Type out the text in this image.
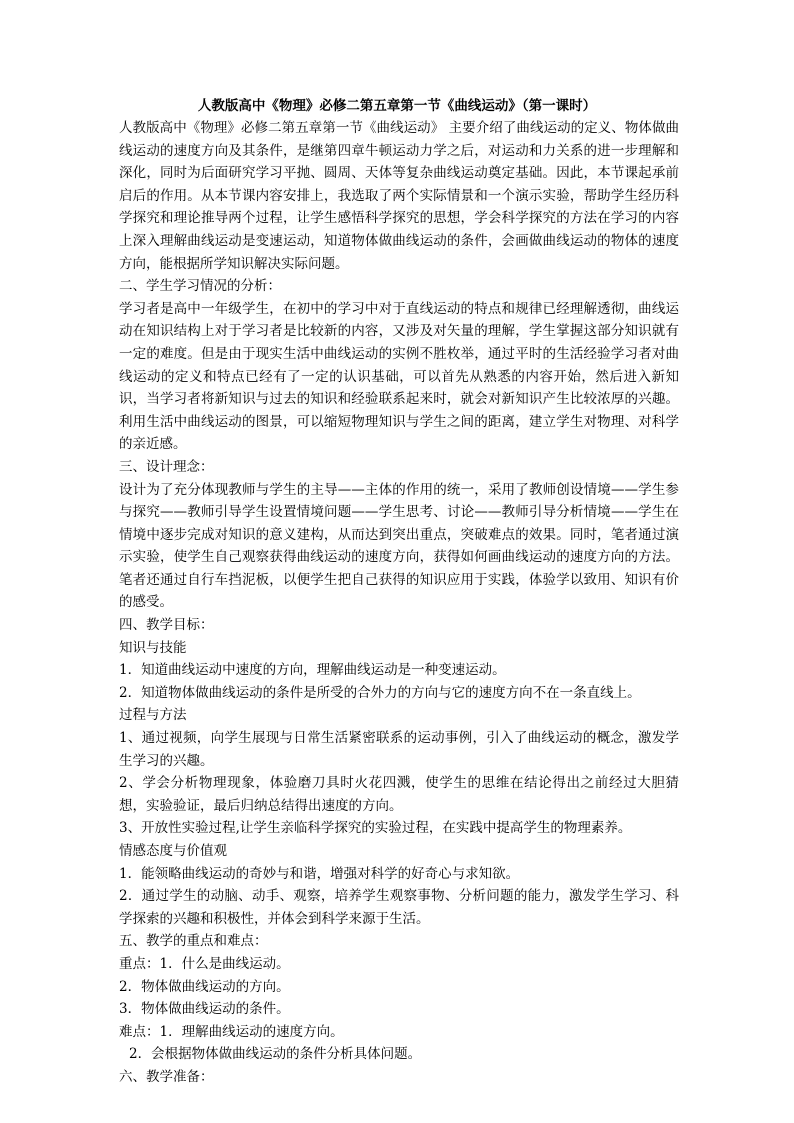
人教版高中《物理》必修二第五章第一节《曲线运动》（第一课时）

人教版高中《物理》必修二第五章第一节《曲线运动》 主要介绍了曲线运动的定义、物体做曲线运动的速度方向及其条件，是继第四章牛顿运动力学之后，对运动和力关系的进一步理解和深化，同时为后面研究学习平抛、圆周、天体等复杂曲线运动奠定基础。因此，本节课起承前启后的作用。从本节课内容安排上，我选取了两个实际情景和一个演示实验，帮助学生经历科学探究和理论推导两个过程，让学生感悟科学探究的思想，学会科学探究的方法在学习的内容上深入理解曲线运动是变速运动，知道物体做曲线运动的条件，会画做曲线运动的物体的速度方向，能根据所学知识解决实际问题。

二、学生学习情况的分析：

学习者是高中一年级学生，在初中的学习中对于直线运动的特点和规律已经理解透彻，曲线运动在知识结构上对于学习者是比较新的内容，又涉及对矢量的理解，学生掌握这部分知识就有一定的难度。但是由于现实生活中曲线运动的实例不胜枚举，通过平时的生活经验学习者对曲线运动的定义和特点已经有了一定的认识基础，可以首先从熟悉的内容开始，然后进入新知识，当学习者将新知识与过去的知识和经验联系起来时，就会对新知识产生比较浓厚的兴趣。利用生活中曲线运动的图景，可以缩短物理知识与学生之间的距离，建立学生对物理、对科学的亲近感。

三、设计理念：

设计为了充分体现教师与学生的主导——主体的作用的统一，采用了教师创设情境——学生参与探究——教师引导学生设置情境问题——学生思考、讨论——教师引导分析情境——学生在情境中逐步完成对知识的意义建构，从而达到突出重点，突破难点的效果。同时，笔者通过演示实验，使学生自己观察获得曲线运动的速度方向，获得如何画曲线运动的速度方向的方法。笔者还通过自行车挡泥板，以便学生把自己获得的知识应用于实践，体验学以致用、知识有价的感受。

四、教学目标：

知识与技能

1．知道曲线运动中速度的方向，理解曲线运动是一种变速运动。

2．知道物体做曲线运动的条件是所受的合外力的方向与它的速度方向不在一条直线上。

过程与方法

1、通过视频，向学生展现与日常生活紧密联系的运动事例，引入了曲线运动的概念，激发学生学习的兴趣。

2、学会分析物理现象，体验磨刀具时火花四溅，使学生的思维在结论得出之前经过大胆猜想，实验验证，最后归纳总结得出速度的方向。

3、开放性实验过程,让学生亲临科学探究的实验过程，在实践中提高学生的物理素养。

情感态度与价值观

1．能领略曲线运动的奇妙与和谐，增强对科学的好奇心与求知欲。

2．通过学生的动脑、动手、观察，培养学生观察事物、分析问题的能力，激发学生学习、科学探索的兴趣和积极性，并体会到科学来源于生活。

五、教学的重点和难点：

重点：1．什么是曲线运动。

2．物体做曲线运动的方向。

3．物体做曲线运动的条件。

难点：1．理解曲线运动的速度方向。

2．会根据物体做曲线运动的条件分析具体问题。

六、教学准备：
